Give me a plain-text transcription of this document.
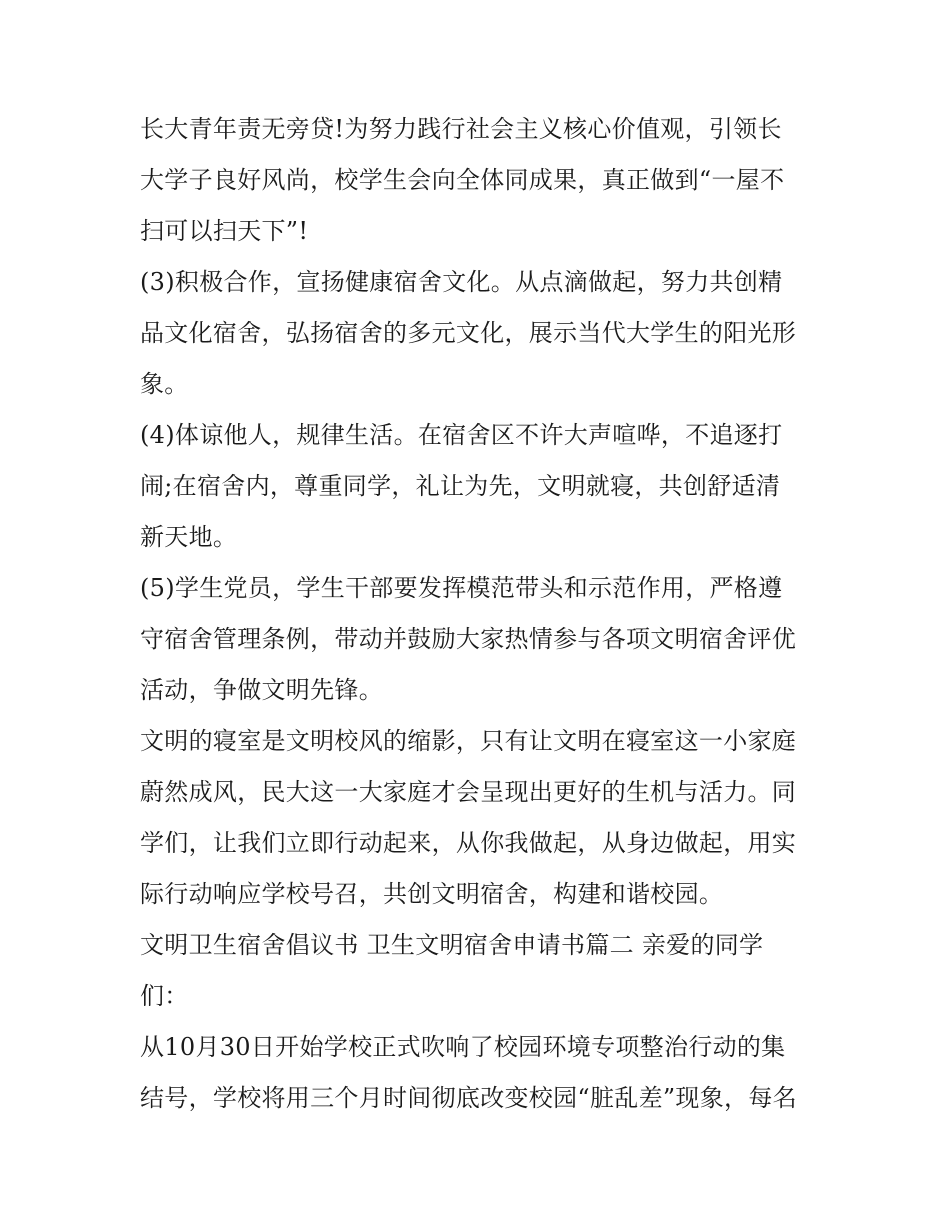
长大青年责无旁贷!为努力践行社会主义核心价值观，引领长
大学子良好风尚，校学生会向全体同成果，真正做到“一屋不
扫可以扫天下”!
(3)积极合作，宣扬健康宿舍文化。从点滴做起，努力共创精
品文化宿舍，弘扬宿舍的多元文化，展示当代大学生的阳光形
象。
(4)体谅他人，规律生活。在宿舍区不许大声喧哗，不追逐打
闹;在宿舍内，尊重同学，礼让为先，文明就寝，共创舒适清
新天地。
(5)学生党员，学生干部要发挥模范带头和示范作用，严格遵
守宿舍管理条例，带动并鼓励大家热情参与各项文明宿舍评优
活动，争做文明先锋。
文明的寝室是文明校风的缩影，只有让文明在寝室这一小家庭
蔚然成风，民大这一大家庭才会呈现出更好的生机与活力。同
学们，让我们立即行动起来，从你我做起，从身边做起，用实
际行动响应学校号召，共创文明宿舍，构建和谐校园。
文明卫生宿舍倡议书 卫生文明宿舍申请书篇二 亲爱的同学
们：
从10月30日开始学校正式吹响了校园环境专项整治行动的集
结号，学校将用三个月时间彻底改变校园“脏乱差”现象，每名
